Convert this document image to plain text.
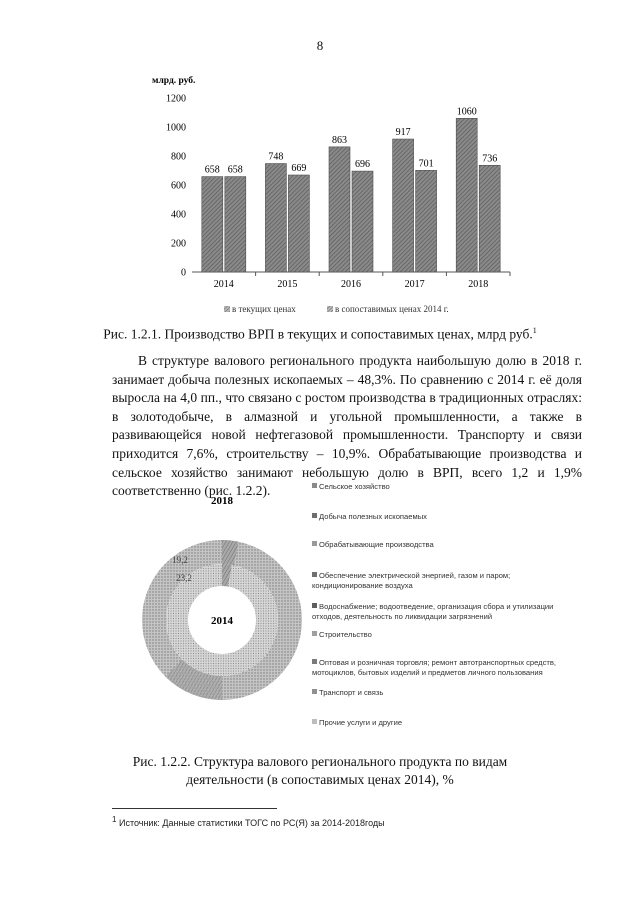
8
млрд. руб.
0
200
400
600
800
1000
1200
658 658
2014
748
669
2015
863
696
2016
917
701
2017
1060
736
2018
в текущих ценах	в сопоставимых ценах 2014 г.
Рис. 1.2.1. Производство ВРП в текущих и сопоставимых ценах, млрд руб.$^1$

В структуре валового регионального продукта наибольшую долю в 2018 г. занимает добыча полезных ископаемых – 48,3%. По сравнению с 2014 г. её доля выросла на 4,0 пп., что связано с ростом производства в традиционных отраслях: в золотодобыче, в алмазной и угольной промышленности, а также в развивающейся новой нефтегазовой промышленности. Транспорту и связи приходится 7,6%, строительству – 10,9%. Обрабатывающие производства и сельское хозяйство занимают небольшую долю в ВРП, всего 1,2 и 1,9% соответственно (рис. 1.2.2).

2018
2014
19,2
23,2
Сельское хозяйство
Добыча полезных ископаемых
Обрабатывающие производства
Обеспечение электрической энергией, газом и паром; кондиционирование воздуха
Водоснабжение; водоотведение, организация сбора и утилизации отходов, деятельность по ликвидации загрязнений
Строительство
Оптовая и розничная торговля; ремонт автотранспортных средств, мотоциклов, бытовых изделий и предметов личного пользования
Транспорт и связь
Прочие услуги и другие
Рис. 1.2.2. Структура валового регионального продукта по видам
деятельности (в сопоставимых ценах 2014), %
$^1$ Источник: Данные статистики ТОГС по РС(Я) за 2014-2018годы
